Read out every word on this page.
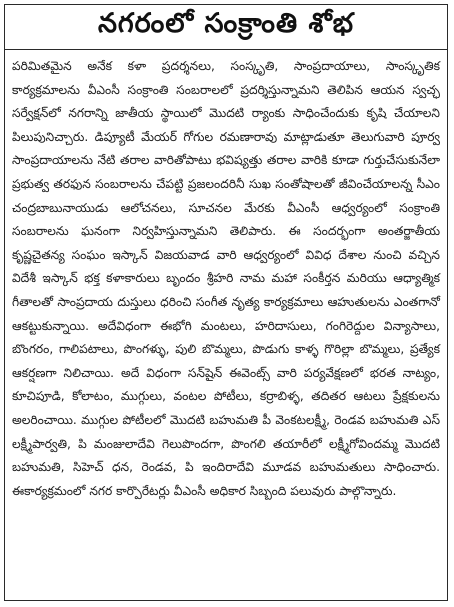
నగరంలో సంక్రాంతి శోభ
పరిమితమైన అనేక కళా ప్రదర్శనలు, సంస్కృతి, సాంప్రదాయాలు, సాంస్కృతిక కార్యక్రమాలను వీఎంసీ సంక్రాంతి సంబరాలలో ప్రదర్శిస్తున్నామని తెలిపిన ఆయన స్వచ్ఛ సర్వేక్షన్‌లో నగరాన్ని జాతీయ స్థాయిలో మొదటి ర్యాంకు సాధించేందుకు కృషి చేయాలని పిలుపునిచ్చారు. డిప్యూటీ మేయర్ గోగుల రమణారావు మాట్లాడుతూ తెలుగువారి పూర్వ సాంప్రదాయాలను నేటి తరాల వారితోపాటు భవిష్యత్తు తరాల వారికి కూడా గుర్తుచేసుకునేలా ప్రభుత్వ తరఫున సంబరాలను చేపట్టి ప్రజలందరినీ సుఖ సంతోషాలతో జీవించేయాలన్న సీఎం చంద్రబాబునాయుడు ఆలోచనలు, సూచనల మేరకు వీఎంసీ ఆధ్వర్యంలో సంక్రాంతి సంబరాలను ఘనంగా నిర్వహిస్తున్నామని తెలిపారు. ఈ సందర్భంగా అంతర్జాతీయ కృష్ణచైతన్య సంఘం ఇస్కాన్ విజయవాడ వారి ఆధ్వర్యంలో వివిధ దేశాల నుంచి వచ్చిన విదేశీ ఇస్కాన్ భక్త కళాకారులు బృందం శ్రీహరి నామ మహా సంకీర్తన మరియు ఆధ్యాత్మిక గీతాలతో సాంప్రదాయ దుస్తులు ధరించి సంగీత నృత్య కార్యక్రమాలు ఆహుతులను ఎంతగానో ఆకట్టుకున్నాయి. అదేవిధంగా ఈభోగి మంటలు, హరిదాసులు, గంగిరెద్దుల విన్యాసాలు, బొంగరం, గాలిపటాలు, పొంగళ్ళు, పులి బొమ్మలు, పొడుగు కాళ్ళ గొరిల్లా బొమ్మలు, ప్రత్యేక ఆకర్షణగా నిలిచాయి. అదే విధంగా సన్‌షైన్ ఈవెంట్స్ వారి పర్యవేక్షణలో భరత నాట్యం, కూచిపూడి, కోలాటం, ముగ్గులు, వంటల పోటీలు, కర్రాబిళ్ళ, తదితర ఆటలు ప్రేక్షకులను అలరించాయి. ముగ్గుల పోటీలలో మొదటి బహుమతి పీ వెంకటలక్ష్మీ, రెండవ బహుమతి ఎస్ లక్ష్మీపార్వతి, పి మంజులాదేవి గెలుపొందగా, పొంగలి తయారీలో లక్ష్మీగోవిందమ్మ మొదటి బహుమతి, సిహెచ్ ధన, రెండవ, పి ఇందిరాదేవి మూడవ బహుమతులు సాధించారు. ఈకార్యక్రమంలో నగర కార్పొరేటర్లు వీఎంసీ అధికార సిబ్బంది పలువురు పాల్గొన్నారు.
